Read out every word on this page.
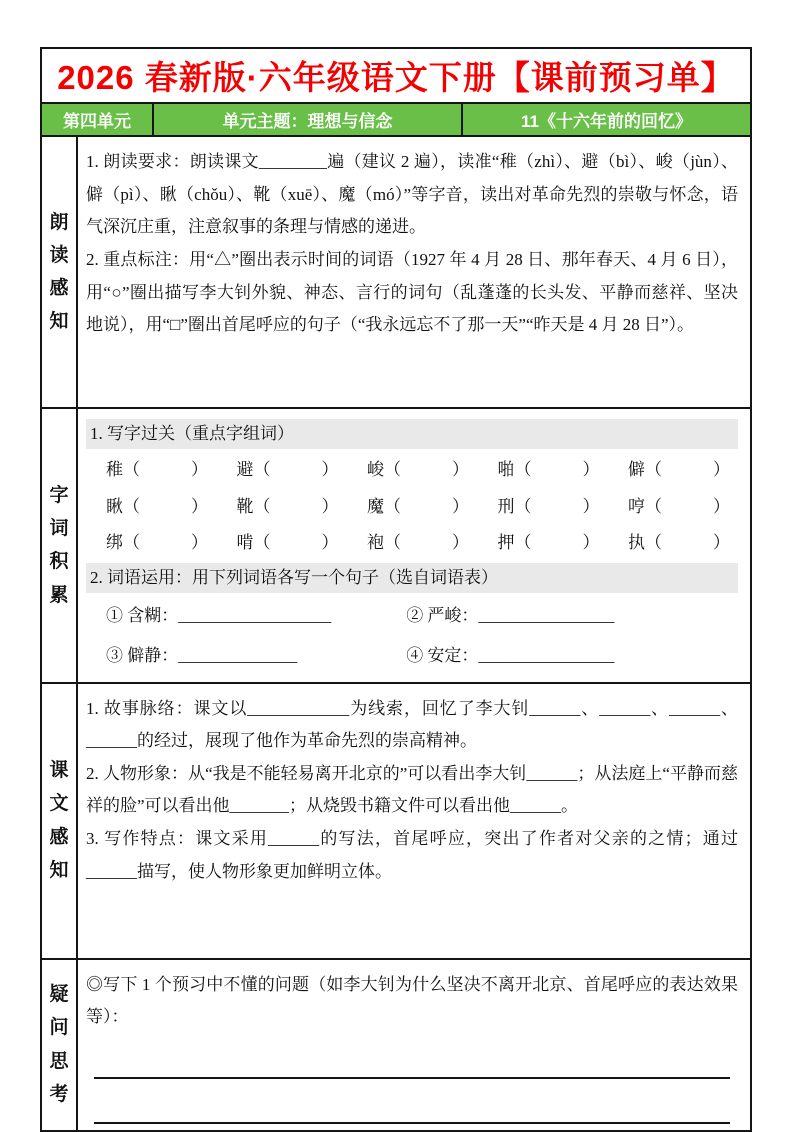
2026 春新版·六年级语文下册【课前预习单】
第四单元	单元主题：理想与信念	11《十六年前的回忆》
朗读感知
1. 朗读要求：朗读课文________遍（建议 2 遍），读准“稚（zhì）、避（bì）、峻（jùn）、僻（pì）、瞅（chǒu）、靴（xuē）、魔（mó）”等字音，读出对革命先烈的崇敬与怀念，语气深沉庄重，注意叙事的条理与情感的递进。
2. 重点标注：用“△”圈出表示时间的词语（1927 年 4 月 28 日、那年春天、4 月 6 日），用“○”圈出描写李大钊外貌、神态、言行的词句（乱蓬蓬的长头发、平静而慈祥、坚决地说），用“□”圈出首尾呼应的句子（“我永远忘不了那一天”“昨天是 4 月 28 日”）。
字词积累
1. 写字过关（重点字组词）
稚（　　　） 避（　　　） 峻（　　　） 啪（　　　） 僻（　　　）
瞅（　　　） 靴（　　　） 魔（　　　） 刑（　　　） 哼（　　　）
绑（　　　） 啃（　　　） 袍（　　　） 押（　　　） 执（　　　）
2. 词语运用：用下列词语各写一个句子（选自词语表）
① 含糊：__________________	② 严峻：________________
③ 僻静：______________	④ 安定：________________
课文感知
1. 故事脉络：课文以____________为线索，回忆了李大钊______、______、______、______的经过，展现了他作为革命先烈的崇高精神。
2. 人物形象：从“我是不能轻易离开北京的”可以看出李大钊______；从法庭上“平静而慈祥的脸”可以看出他_______；从烧毁书籍文件可以看出他______。
3. 写作特点：课文采用______的写法，首尾呼应，突出了作者对父亲的之情；通过______描写，使人物形象更加鲜明立体。
疑问思考
◎写下 1 个预习中不懂的问题（如李大钊为什么坚决不离开北京、首尾呼应的表达效果等）：
